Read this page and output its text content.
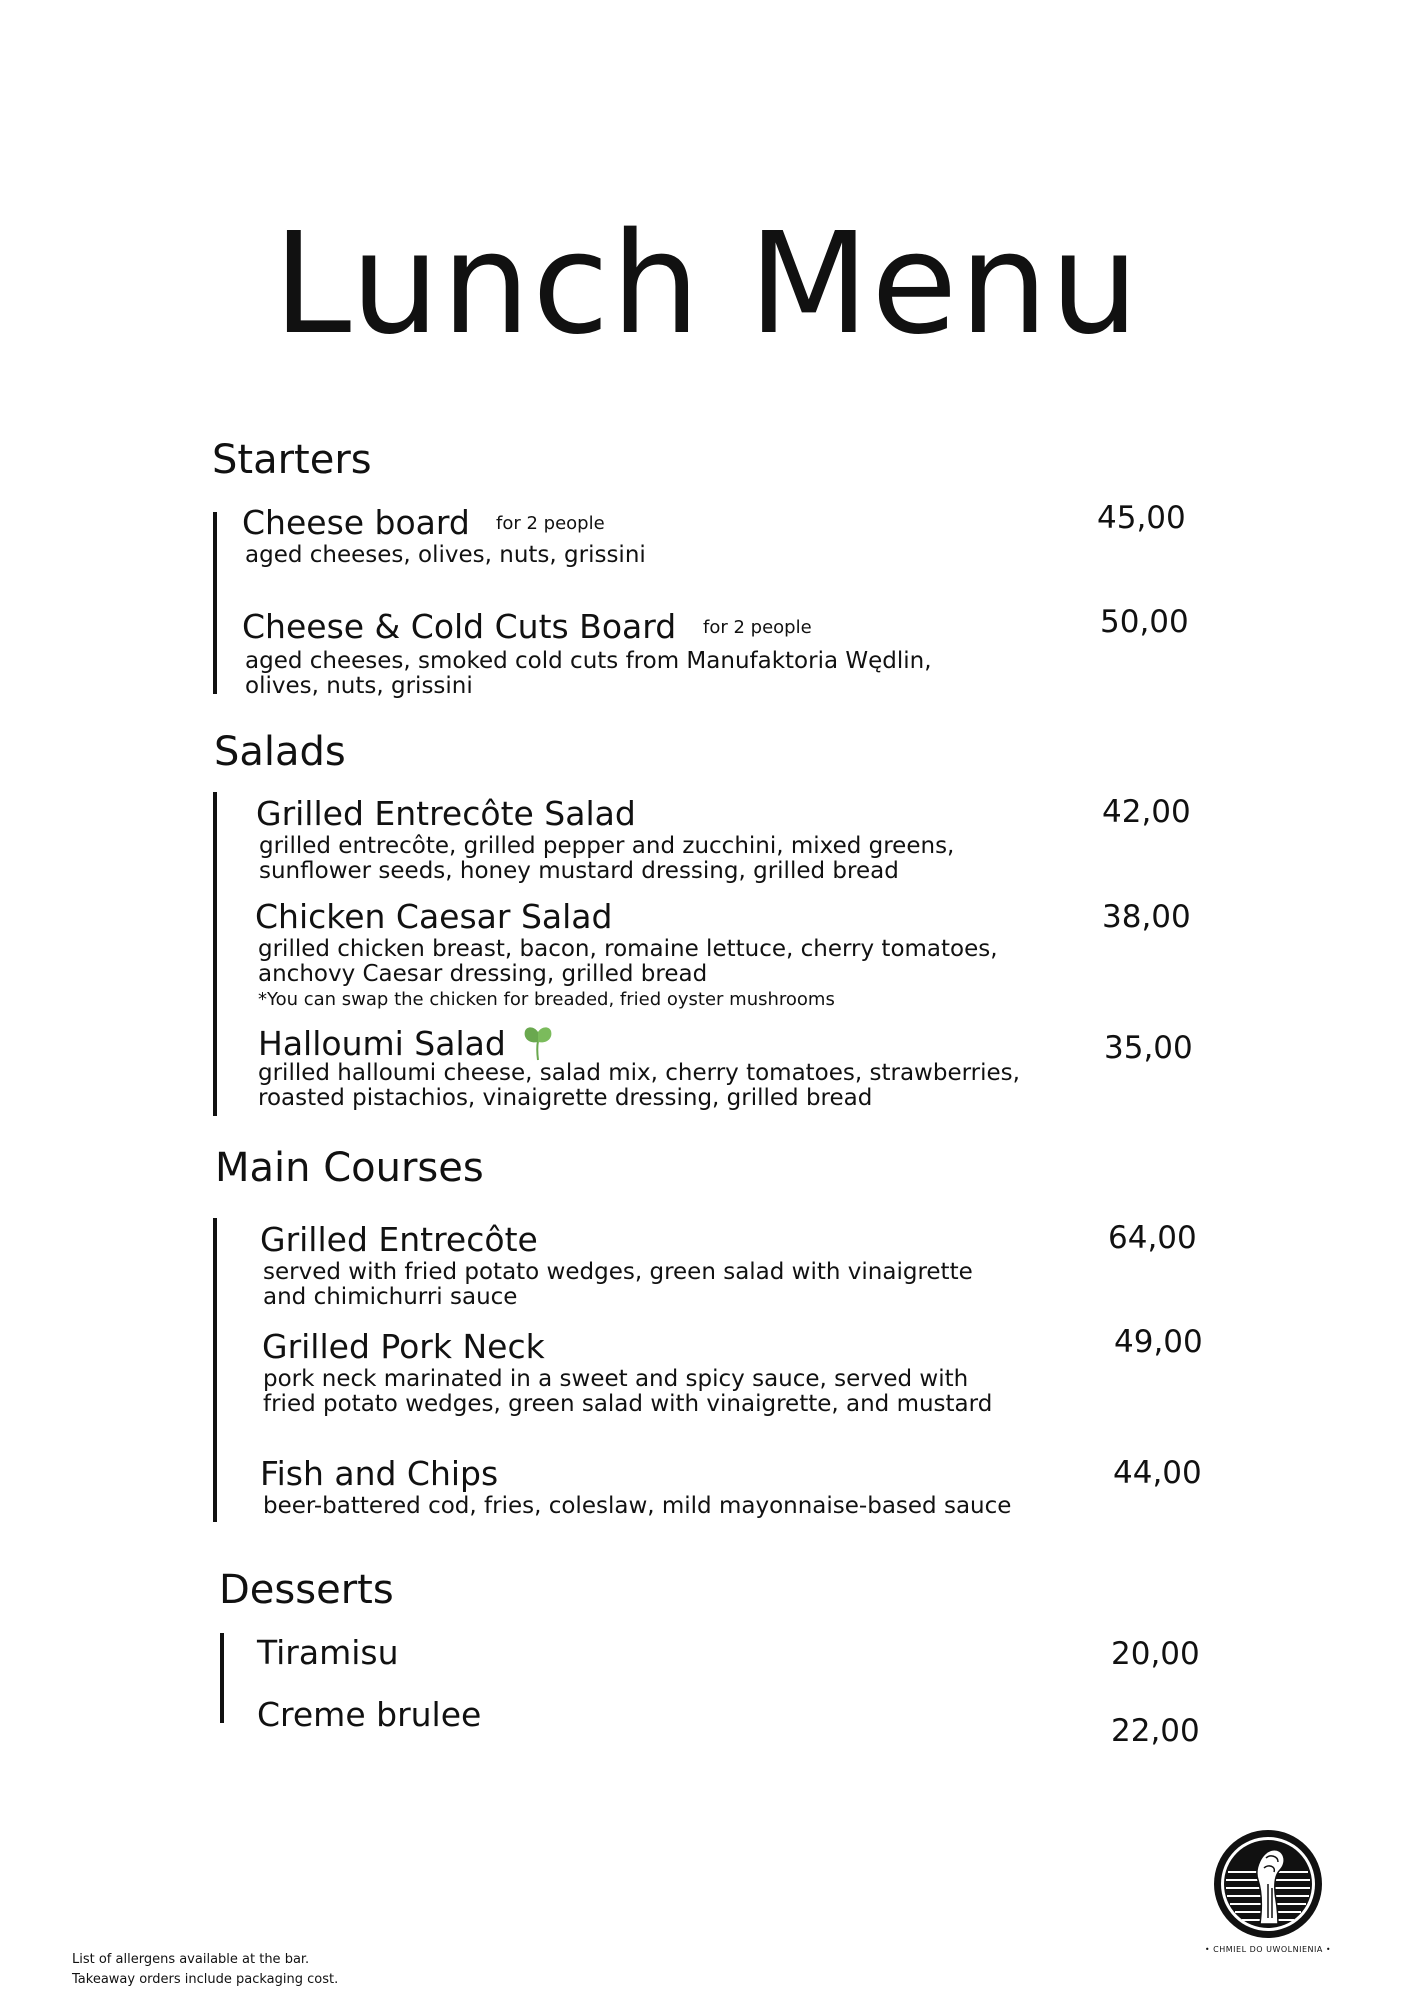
Lunch Menu
Starters
Cheese board for 2 people
aged cheeses, olives, nuts, grissini
45,00
Cheese & Cold Cuts Board for 2 people
aged cheeses, smoked cold cuts from Manufaktoria Wędlin,
olives, nuts, grissini
50,00
Salads
Grilled Entrecôte Salad
grilled entrecôte, grilled pepper and zucchini, mixed greens,
sunflower seeds, honey mustard dressing, grilled bread
42,00
Chicken Caesar Salad
grilled chicken breast, bacon, romaine lettuce, cherry tomatoes,
anchovy Caesar dressing, grilled bread
*You can swap the chicken for breaded, fried oyster mushrooms
38,00
Halloumi Salad
grilled halloumi cheese, salad mix, cherry tomatoes, strawberries,
roasted pistachios, vinaigrette dressing, grilled bread
35,00
Main Courses
Grilled Entrecôte
served with fried potato wedges, green salad with vinaigrette
and chimichurri sauce
64,00
Grilled Pork Neck
pork neck marinated in a sweet and spicy sauce, served with
fried potato wedges, green salad with vinaigrette, and mustard
49,00
Fish and Chips
beer-battered cod, fries, coleslaw, mild mayonnaise-based sauce
44,00
Desserts
Tiramisu	20,00
Creme brulee	22,00
• CHMIEL DO UWOLNIENIA •
List of allergens available at the bar.
Takeaway orders include packaging cost.
